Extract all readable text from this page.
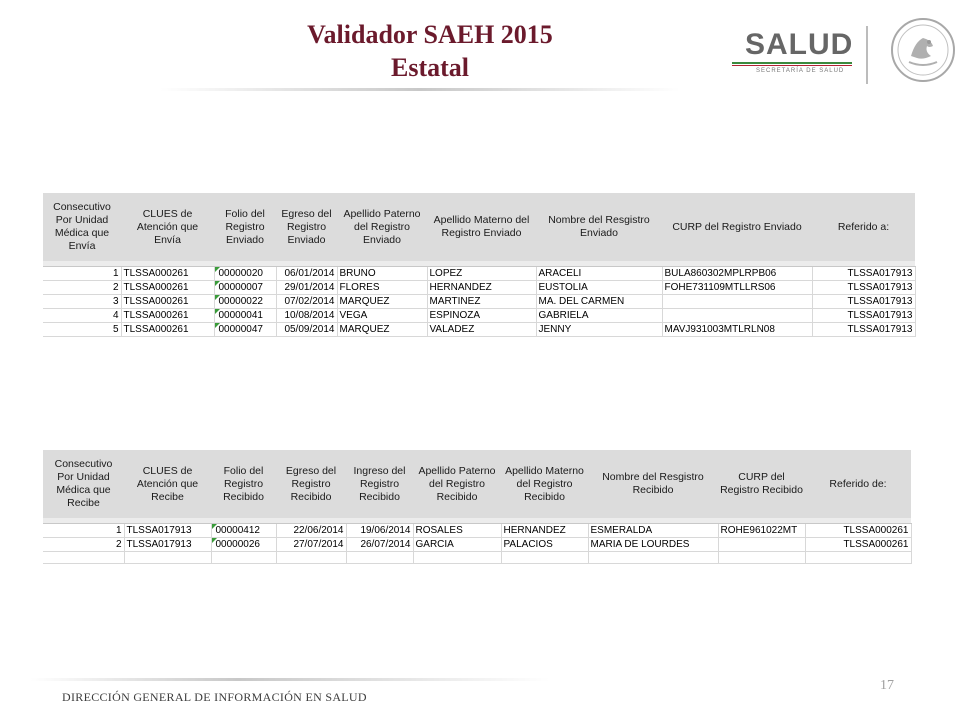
Validador SAEH 2015
Estatal
SALUD
SECRETARÍA DE SALUD
Consecutivo Por Unidad Médica que Envía	CLUES de Atención que Envía	Folio del Registro Enviado	Egreso del Registro Enviado	Apellido Paterno del Registro Enviado	Apellido Materno del Registro Enviado	Nombre del Resgistro Enviado	CURP del Registro Enviado	Referido a:

1	TLSSA000261	00000020	06/01/2014	BRUNO	LOPEZ	ARACELI	BULA860302MPLRPB06	TLSSA017913
2	TLSSA000261	00000007	29/01/2014	FLORES	HERNANDEZ	EUSTOLIA	FOHE731109MTLLRS06	TLSSA017913
3	TLSSA000261	00000022	07/02/2014	MARQUEZ	MARTINEZ	MA. DEL CARMEN		TLSSA017913
4	TLSSA000261	00000041	10/08/2014	VEGA	ESPINOZA	GABRIELA		TLSSA017913
5	TLSSA000261	00000047	05/09/2014	MARQUEZ	VALADEZ	JENNY	MAVJ931003MTLRLN08	TLSSA017913
Consecutivo Por Unidad Médica que Recibe	CLUES de Atención que Recibe	Folio del Registro Recibido	Egreso del Registro Recibido	Ingreso del Registro Recibido	Apellido Paterno del Registro Recibido	Apellido Materno del Registro Recibido	Nombre del Resgistro Recibido	CURP del Registro Recibido	Referido de:

1	TLSSA017913	00000412	22/06/2014	19/06/2014	ROSALES	HERNANDEZ	ESMERALDA	ROHE961022MT	TLSSA000261
2	TLSSA017913	00000026	27/07/2014	26/07/2014	GARCIA	PALACIOS	MARIA DE LOURDES		TLSSA000261

DIRECCIÓN GENERAL DE INFORMACIÓN EN SALUD
17
